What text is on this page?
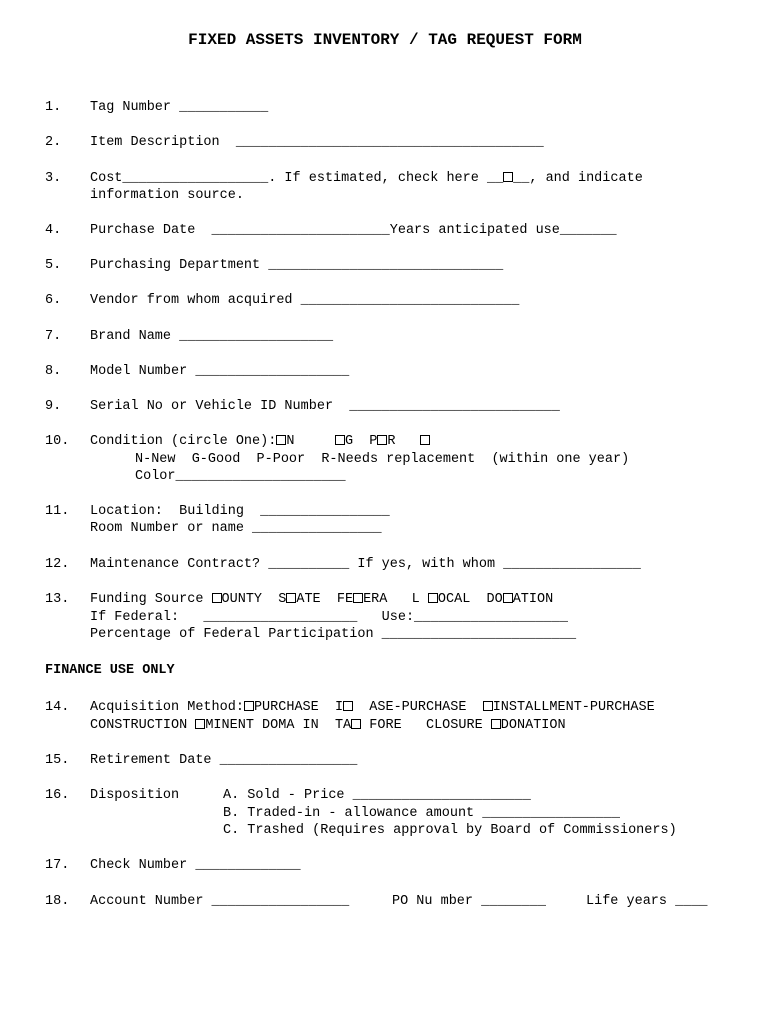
FIXED ASSETS INVENTORY / TAG REQUEST FORM
1. Tag Number ___________
2. Item Description  ______________________________________
3. Cost__________________. If estimated, check here __ __, and indicate
information source.
4. Purchase Date  ______________________Years anticipated use_______
5. Purchasing Department _____________________________
6. Vendor from whom acquired ___________________________
7. Brand Name ___________________
8. Model Number ___________________
9. Serial No or Vehicle ID Number  __________________________
10. Condition (circle One): N	G  P R
N-New  G-Good  P-Poor  R-Needs replacement  (within one year)
Color_____________________
11. Location:  Building  ________________
Room Number or name ________________
12. Maintenance Contract? __________ If yes, with whom _________________
13. Funding Source OUNTY  S ATE  FE ERA   L OCAL  DO ATION
If Federal:   ___________________   Use:___________________
Percentage of Federal Participation ________________________
FINANCE USE ONLY
14. Acquisition Method: PURCHASE  I ASE-PURCHASE INSTALLMENT-PURCHASE
CONSTRUCTION MINENT DOMA IN  TA FORE   CLOSURE DONATION
15. Retirement Date _________________
16. Disposition	A. Sold - Price ______________________
B. Traded-in - allowance amount _________________
C. Trashed (Requires approval by Board of Commissioners)
17. Check Number _____________
18. Account Number _________________	PO Nu mber ________	Life years ____
